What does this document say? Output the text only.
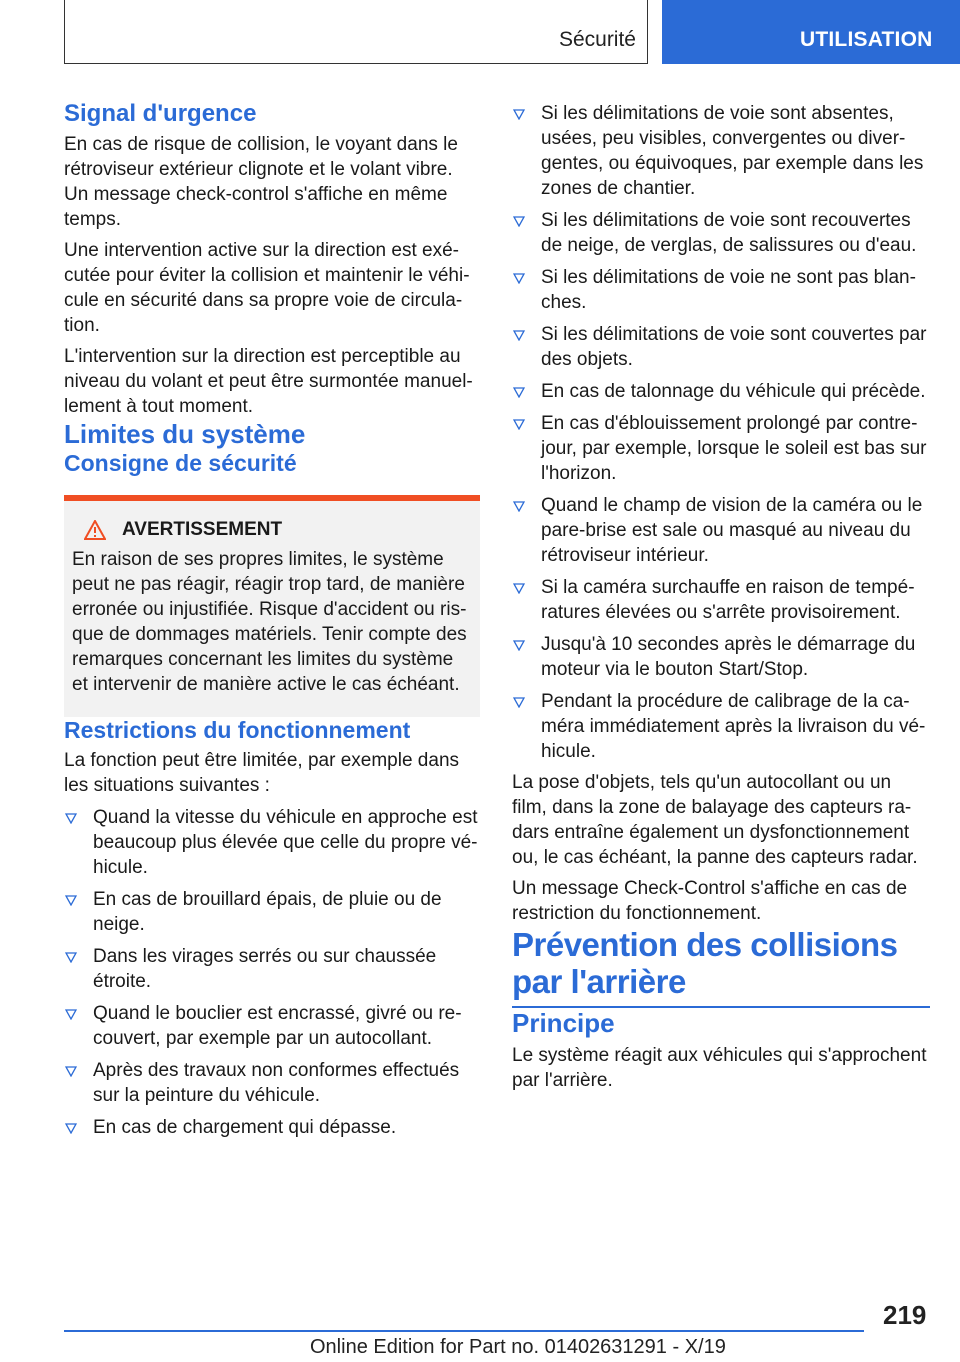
Sécurité	UTILISATION
Signal d'urgence

En cas de risque de collision, le voyant dans le rétroviseur extérieur clignote et le volant vibre. Un message check-control s'affiche en même temps.

Une intervention active sur la direction est exé-cutée pour éviter la collision et maintenir le véhi-cule en sécurité dans sa propre voie de circula-tion.

L'intervention sur la direction est perceptible au niveau du volant et peut être surmontée manuel-lement à tout moment.

Limites du système
Consigne de sécurité
AVERTISSEMENT

En raison de ses propres limites, le système peut ne pas réagir, réagir trop tard, de manière erronée ou injustifiée. Risque d'accident ou ris-que de dommages matériels. Tenir compte des remarques concernant les limites du système et intervenir de manière active le cas échéant.

Restrictions du fonctionnement

La fonction peut être limitée, par exemple dans les situations suivantes :

Quand la vitesse du véhicule en approche est beaucoup plus élevée que celle du propre vé-hicule.
En cas de brouillard épais, de pluie ou de neige.
Dans les virages serrés ou sur chaussée étroite.
Quand le bouclier est encrassé, givré ou re-couvert, par exemple par un autocollant.
Après des travaux non conformes effectués sur la peinture du véhicule.
En cas de chargement qui dépasse.
Si les délimitations de voie sont absentes, usées, peu visibles, convergentes ou diver-gentes, ou équivoques, par exemple dans les zones de chantier.
Si les délimitations de voie sont recouvertes de neige, de verglas, de salissures ou d'eau.
Si les délimitations de voie ne sont pas blan-ches.
Si les délimitations de voie sont couvertes par des objets.
En cas de talonnage du véhicule qui précède.
En cas d'éblouissement prolongé par contre-jour, par exemple, lorsque le soleil est bas sur l'horizon.
Quand le champ de vision de la caméra ou le pare-brise est sale ou masqué au niveau du rétroviseur intérieur.
Si la caméra surchauffe en raison de tempé-ratures élevées ou s'arrête provisoirement.
Jusqu'à 10 secondes après le démarrage du moteur via le bouton Start/Stop.
Pendant la procédure de calibrage de la ca-méra immédiatement après la livraison du vé-hicule.

La pose d'objets, tels qu'un autocollant ou un film, dans la zone de balayage des capteurs ra-dars entraîne également un dysfonctionnement ou, le cas échéant, la panne des capteurs radar.

Un message Check-Control s'affiche en cas de restriction du fonctionnement.

Prévention des collisions par l'arrière
Principe

Le système réagit aux véhicules qui s'approchent par l'arrière.

219
Online Edition for Part no. 01402631291 - X/19
